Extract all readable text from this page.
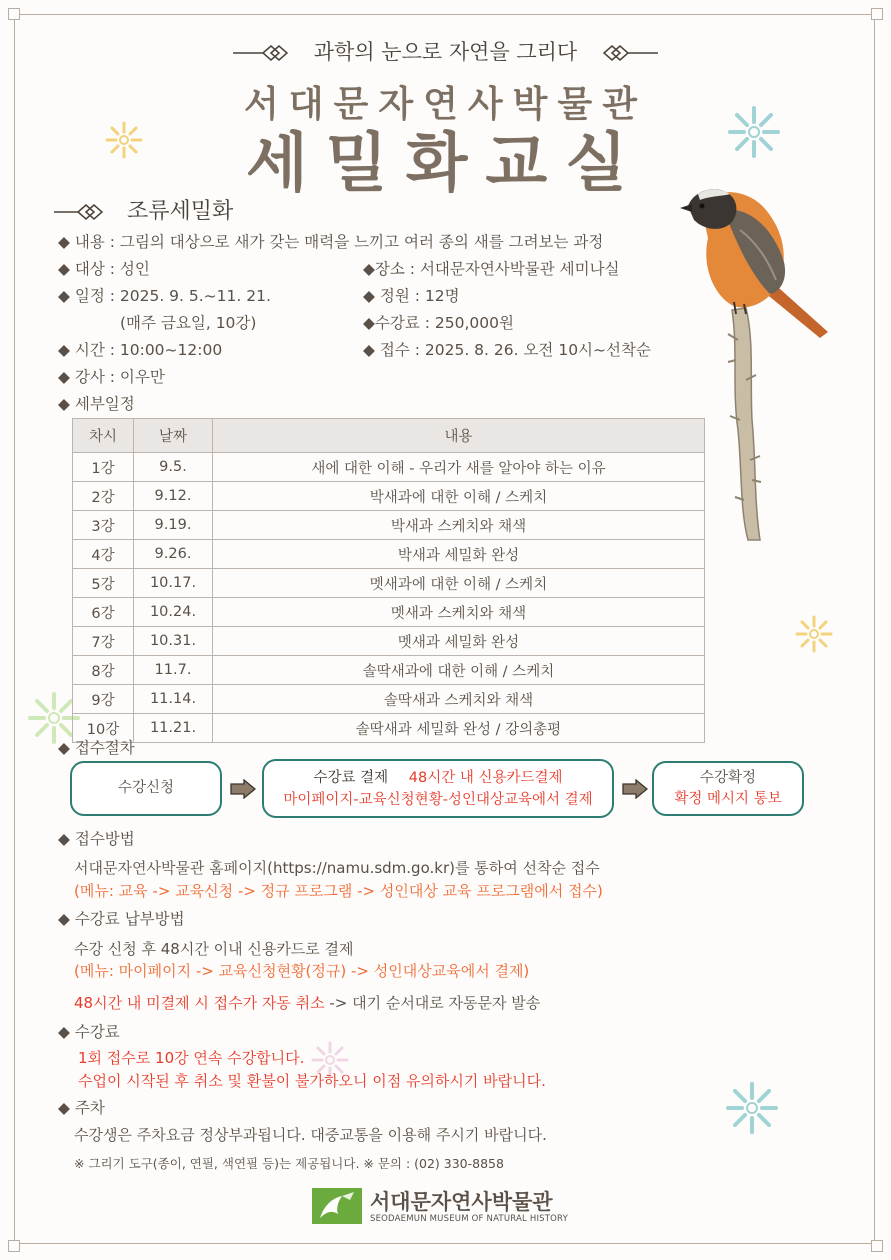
과학의 눈으로 자연을 그리다
서대문자연사박물관
세밀화교실
조류세밀화
◆ 내용 : 그림의 대상으로 새가 갖는 매력을 느끼고 여러 종의 새를 그려보는 과정
◆ 대상 : 성인	◆장소 : 서대문자연사박물관 세미나실
◆ 일정 : 2025. 9. 5.~11. 21.	◆ 정원 : 12명
(매주 금요일, 10강)	◆수강료 : 250,000원
◆ 시간 : 10:00~12:00	◆ 접수 : 2025. 8. 26. 오전 10시~선착순
◆ 강사 : 이우만
◆ 세부일정
차시	날짜	내용
1강	9.5.	새에 대한 이해 - 우리가 새를 알아야 하는 이유
2강	9.12.	박새과에 대한 이해 / 스케치
3강	9.19.	박새과 스케치와 채색
4강	9.26.	박새과 세밀화 완성
5강	10.17.	멧새과에 대한 이해 / 스케치
6강	10.24.	멧새과 스케치와 채색
7강	10.31.	멧새과 세밀화 완성
8강	11.7.	솔딱새과에 대한 이해 / 스케치
9강	11.14.	솔딱새과 스케치와 채색
10강	11.21.	솔딱새과 세밀화 완성 / 강의총평
◆ 접수절차
수강신청
수강료 결제 48시간 내 신용카드결제
마이페이지-교육신청현황-성인대상교육에서 결제
수강확정
확정 메시지 통보
◆ 접수방법
서대문자연사박물관 홈페이지(https://namu.sdm.go.kr)를 통하여 선착순 접수
(메뉴: 교육 -> 교육신청 -> 정규 프로그램 -> 성인대상 교육 프로그램에서 접수)
◆ 수강료 납부방법
수강 신청 후 48시간 이내 신용카드로 결제
(메뉴: 마이페이지 -> 교육신청현황(정규) -> 성인대상교육에서 결제)
48시간 내 미결제 시 접수가 자동 취소 -> 대기 순서대로 자동문자 발송
◆ 수강료
1회 접수로 10강 연속 수강합니다.
수업이 시작된 후 취소 및 환불이 불가하오니 이점 유의하시기 바랍니다.
◆ 주차
수강생은 주차요금 정상부과됩니다. 대중교통을 이용해 주시기 바랍니다.
※ 그리기 도구(종이, 연필, 색연필 등)는 제공됩니다. ※ 문의 : (02) 330-8858
서대문자연사박물관
SEODAEMUN MUSEUM OF NATURAL HISTORY
